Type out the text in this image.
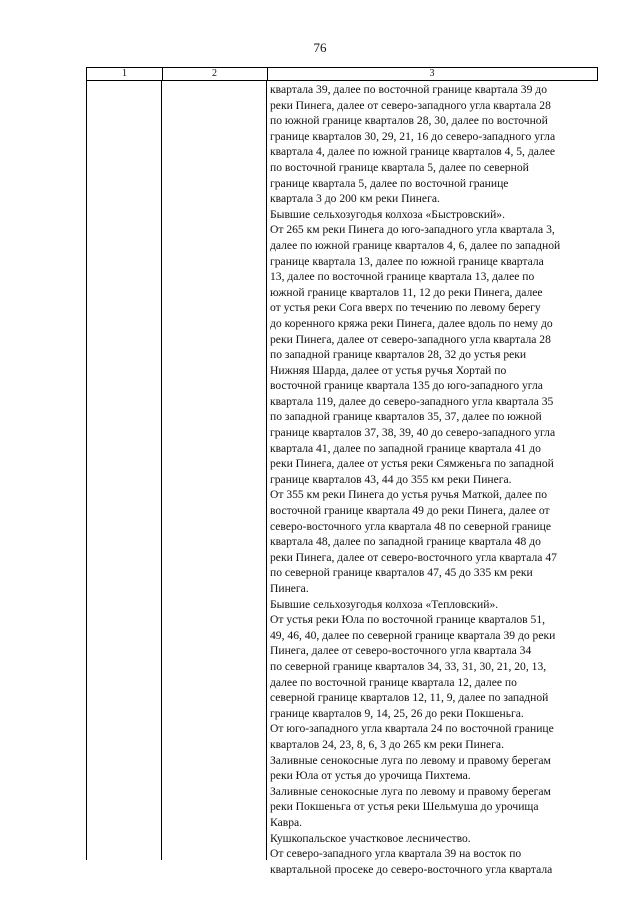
76
1	2	3
квартала 39, далее по восточной границе квартала 39 до
реки Пинега, далее от северо-западного угла квартала 28
по южной границе кварталов 28, 30, далее по восточной
границе кварталов 30, 29, 21, 16 до северо-западного угла
квартала 4, далее по южной границе кварталов 4, 5, далее
по восточной границе квартала 5, далее по северной
границе квартала 5, далее по восточной границе
квартала 3 до 200 км реки Пинега.
Бывшие сельхозугодья колхоза «Быстровский».
От 265 км реки Пинега до юго-западного угла квартала 3,
далее по южной границе кварталов 4, 6, далее по западной
границе квартала 13, далее по южной границе квартала
13, далее по восточной границе квартала 13, далее по
южной границе кварталов 11, 12 до реки Пинега, далее
от устья реки Сога вверх по течению по левому берегу
до коренного кряжа реки Пинега, далее вдоль по нему до
реки Пинега, далее от северо-западного угла квартала 28
по западной границе кварталов 28, 32 до устья реки
Нижняя Шарда, далее от устья ручья Хортай по
восточной границе квартала 135 до юго-западного угла
квартала 119, далее до северо-западного угла квартала 35
по западной границе кварталов 35, 37, далее по южной
границе кварталов 37, 38, 39, 40 до северо-западного угла
квартала 41, далее по западной границе квартала 41 до
реки Пинега, далее от устья реки Сямженьга по западной
границе кварталов 43, 44 до 355 км реки Пинега.
От 355 км реки Пинега до устья ручья Маткой, далее по
восточной границе квартала 49 до реки Пинега, далее от
северо-восточного угла квартала 48 по северной границе
квартала 48, далее по западной границе квартала 48 до
реки Пинега, далее от северо-восточного угла квартала 47
по северной границе кварталов 47, 45 до 335 км реки
Пинега.
Бывшие сельхозугодья колхоза «Тепловский».
От устья реки Юла по восточной границе кварталов 51,
49, 46, 40, далее по северной границе квартала 39 до реки
Пинега, далее от северо-восточного угла квартала 34
по северной границе кварталов 34, 33, 31, 30, 21, 20, 13,
далее по восточной границе квартала 12, далее по
северной границе кварталов 12, 11, 9, далее по западной
границе кварталов 9, 14, 25, 26 до реки Покшеньга.
От юго-западного угла квартала 24 по восточной границе
кварталов 24, 23, 8, 6, 3 до 265 км реки Пинега.
Заливные сенокосные луга по левому и правому берегам
реки Юла от устья до урочища Пихтема.
Заливные сенокосные луга по левому и правому берегам
реки Покшеньга от устья реки Шельмуша до урочища
Кавра.
Кушкопальское участковое лесничество.
От северо-западного угла квартала 39 на восток по
квартальной просеке до северо-восточного угла квартала
